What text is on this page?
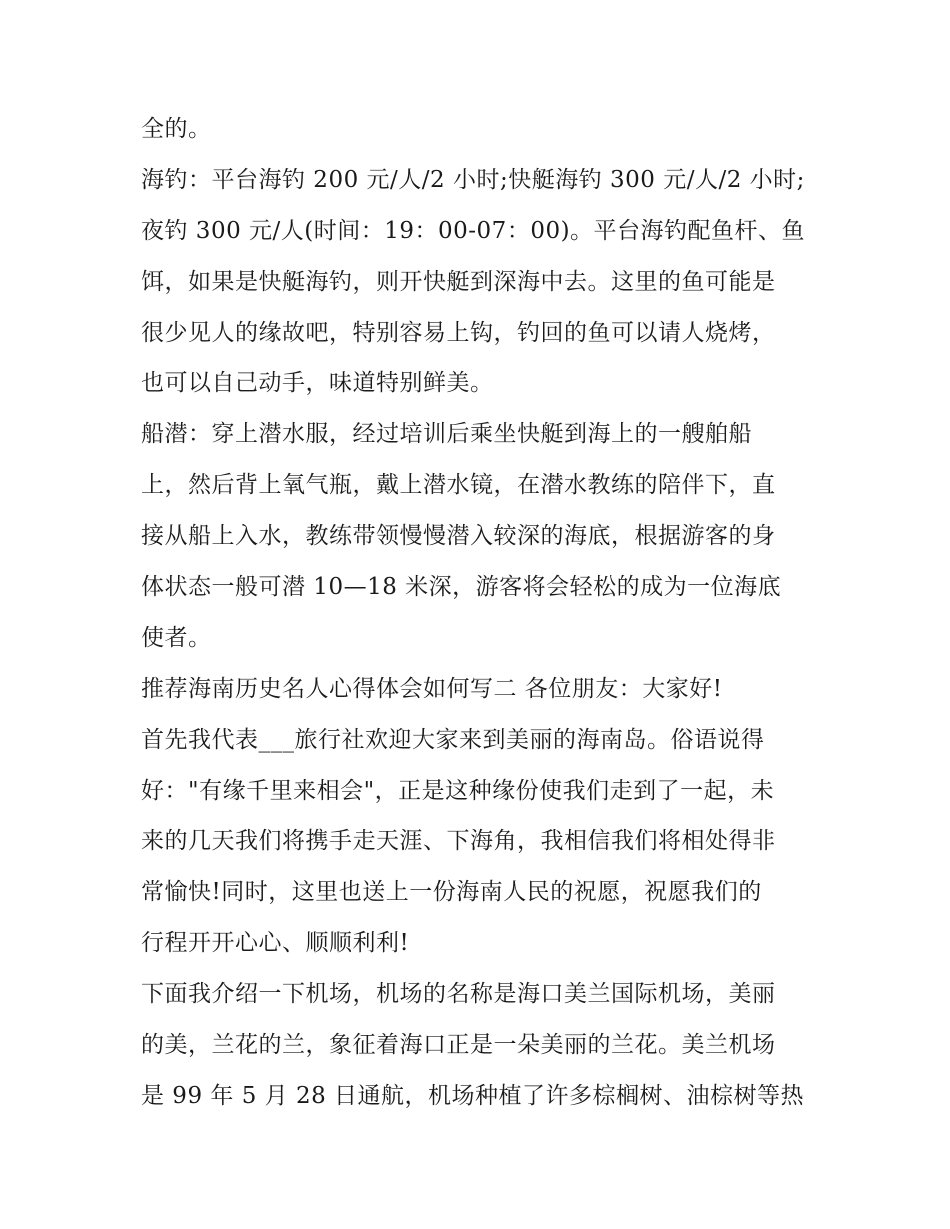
全的。
海钓：平台海钓 200 元/人/2 小时;快艇海钓 300 元/人/2 小时;
夜钓 300 元/人(时间：19：00-07：00)。平台海钓配鱼杆、鱼
饵，如果是快艇海钓，则开快艇到深海中去。这里的鱼可能是
很少见人的缘故吧，特别容易上钩，钓回的鱼可以请人烧烤，
也可以自己动手，味道特别鲜美。
船潜：穿上潜水服，经过培训后乘坐快艇到海上的一艘舶船
上，然后背上氧气瓶，戴上潜水镜，在潜水教练的陪伴下，直
接从船上入水，教练带领慢慢潜入较深的海底，根据游客的身
体状态一般可潜 10—18 米深，游客将会轻松的成为一位海底
使者。
推荐海南历史名人心得体会如何写二 各位朋友：大家好!
首先我代表___旅行社欢迎大家来到美丽的海南岛。俗语说得
好："有缘千里来相会"，正是这种缘份使我们走到了一起，未
来的几天我们将携手走天涯、下海角，我相信我们将相处得非
常愉快!同时，这里也送上一份海南人民的祝愿，祝愿我们的
行程开开心心、顺顺利利!
下面我介绍一下机场，机场的名称是海口美兰国际机场，美丽
的美，兰花的兰，象征着海口正是一朵美丽的兰花。美兰机场
是 99 年 5 月 28 日通航，机场种植了许多棕榈树、油棕树等热
